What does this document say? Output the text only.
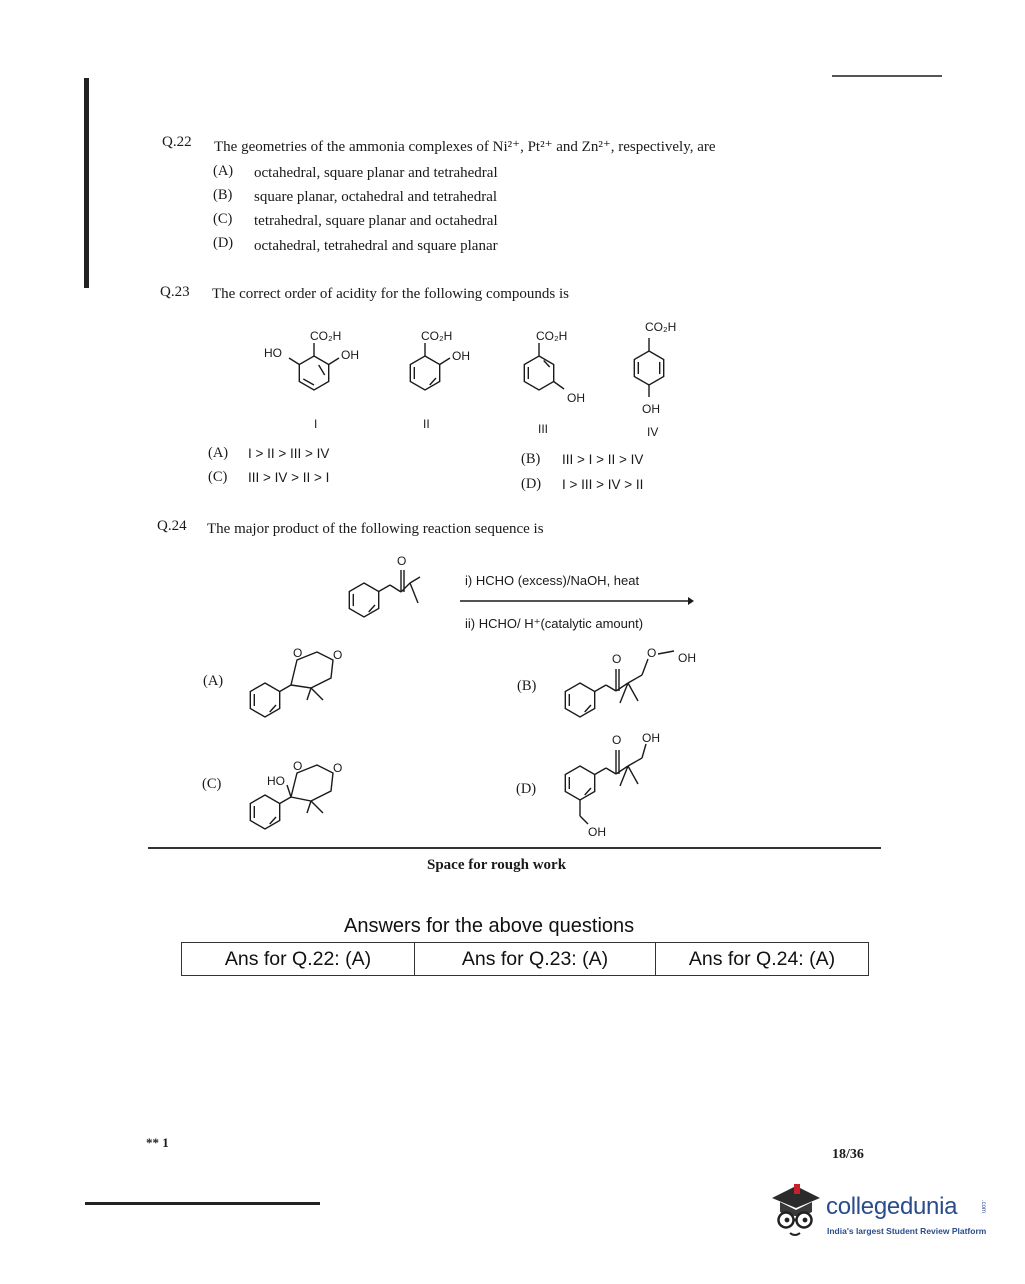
Q.22 The geometries of the ammonia complexes of Ni²⁺, Pt²⁺ and Zn²⁺, respectively, are
(A) octahedral, square planar and tetrahedral
(B) square planar, octahedral and tetrahedral
(C) tetrahedral, square planar and octahedral
(D) octahedral, tetrahedral and square planar
Q.23 The correct order of acidity for the following compounds is
CO₂H
HO	OH
CO₂H
OH
CO₂H
OH
CO₂H
OH
I	II	III	IV
(A) I > II > III > IV
(C) III > IV > II > I
(B) III > I > II > IV
(D) I > III > IV > II
Q.24 The major product of the following reaction sequence is
O
i) HCHO (excess)/NaOH, heat
ii) HCHO/ H⁺(catalytic amount)
(A)	(B)
(C)	(D)
O	O	O O OH
HO
O	O
O OH
OH
Space for rough work
Answers for the above questions
Ans for Q.22: (A)	Ans for Q.23: (A)	Ans for Q.24: (A)
** 1
18/36
collegedunia	.com
India's largest Student Review Platform
